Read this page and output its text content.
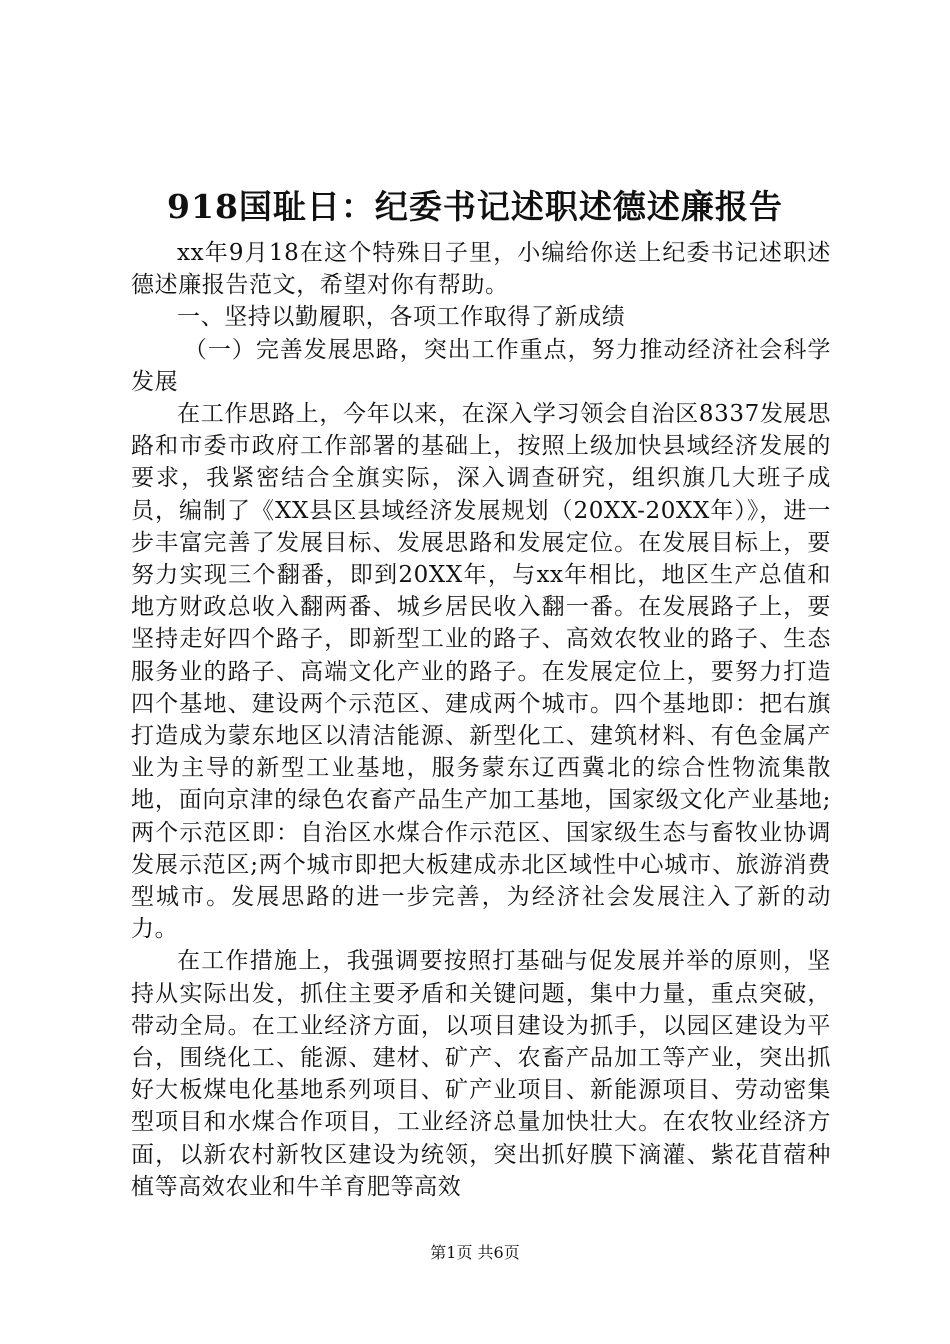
918国耻日：纪委书记述职述德述廉报告

xx年9月18在这个特殊日子里，小编给你送上纪委书记述职述德述廉报告范文，希望对你有帮助。

一、坚持以勤履职，各项工作取得了新成绩

（一）完善发展思路，突出工作重点，努力推动经济社会科学发展

在工作思路上，今年以来，在深入学习领会自治区8337发展思路和市委市政府工作部署的基础上，按照上级加快县域经济发展的要求，我紧密结合全旗实际，深入调查研究，组织旗几大班子成员，编制了《XX县区县域经济发展规划（20XX-20XX年）》，进一步丰富完善了发展目标、发展思路和发展定位。在发展目标上，要努力实现三个翻番，即到20XX年，与xx年相比，地区生产总值和地方财政总收入翻两番、城乡居民收入翻一番。在发展路子上，要坚持走好四个路子，即新型工业的路子、高效农牧业的路子、生态服务业的路子、高端文化产业的路子。在发展定位上，要努力打造四个基地、建设两个示范区、建成两个城市。四个基地即：把右旗打造成为蒙东地区以清洁能源、新型化工、建筑材料、有色金属产业为主导的新型工业基地，服务蒙东辽西冀北的综合性物流集散地，面向京津的绿色农畜产品生产加工基地，国家级文化产业基地;两个示范区即：自治区水煤合作示范区、国家级生态与畜牧业协调发展示范区;两个城市即把大板建成赤北区域性中心城市、旅游消费型城市。发展思路的进一步完善，为经济社会发展注入了新的动力。

在工作措施上，我强调要按照打基础与促发展并举的原则，坚持从实际出发，抓住主要矛盾和关键问题，集中力量，重点突破，带动全局。在工业经济方面，以项目建设为抓手，以园区建设为平台，围绕化工、能源、建材、矿产、农畜产品加工等产业，突出抓好大板煤电化基地系列项目、矿产业项目、新能源项目、劳动密集型项目和水煤合作项目，工业经济总量加快壮大。在农牧业经济方面，以新农村新牧区建设为统领，突出抓好膜下滴灌、紫花苜蓿种植等高效农业和牛羊育肥等高效

第1页 共6页
